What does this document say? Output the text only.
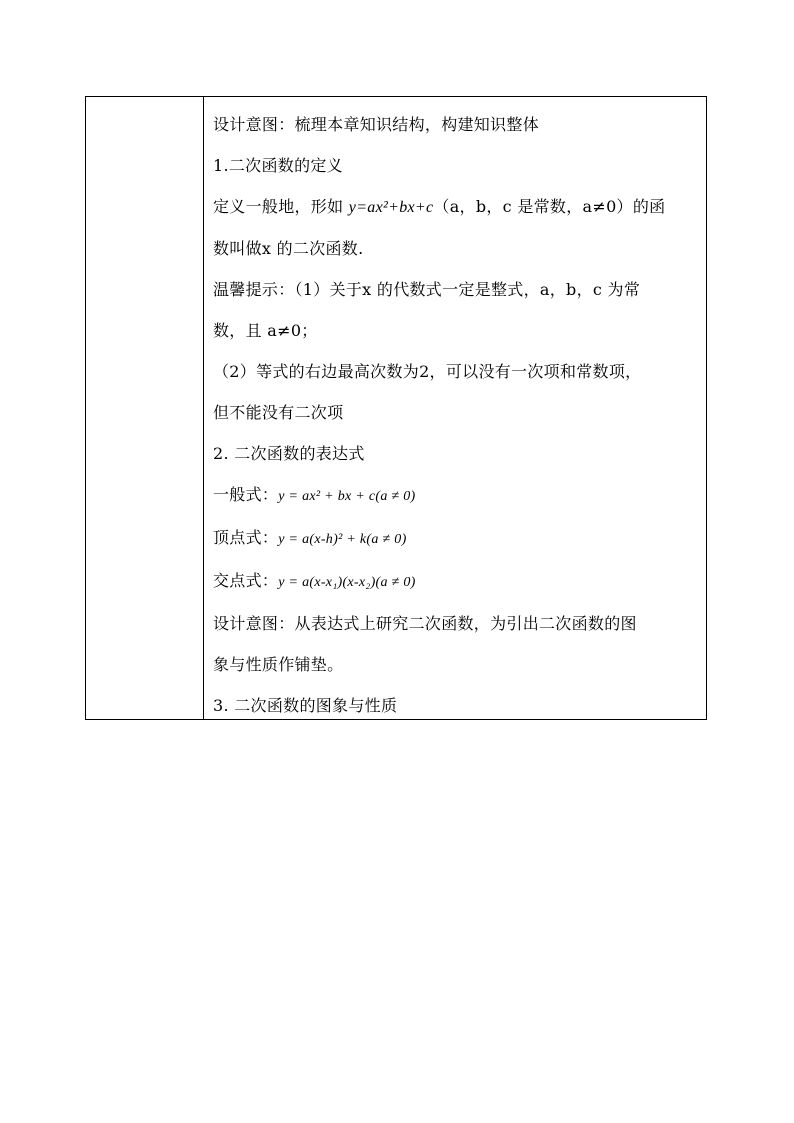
设计意图：梳理本章知识结构，构建知识整体
1.二次函数的定义
定义一般地，形如 y=ax²+bx+c（a，b，c 是常数，a≠0）的函
数叫做x 的二次函数.
温馨提示：（1）关于x 的代数式一定是整式，a，b，c 为常
数，且 a≠0；
（2）等式的右边最高次数为2，可以没有一次项和常数项，
但不能没有二次项
2. 二次函数的表达式
一般式：y = ax² + bx + c(a ≠ 0)
顶点式：y = a(x-h)² + k(a ≠ 0)
交点式：y = a(x-x₁)(x-x₂)(a ≠ 0)
设计意图：从表达式上研究二次函数，为引出二次函数的图
象与性质作铺垫。
3. 二次函数的图象与性质
